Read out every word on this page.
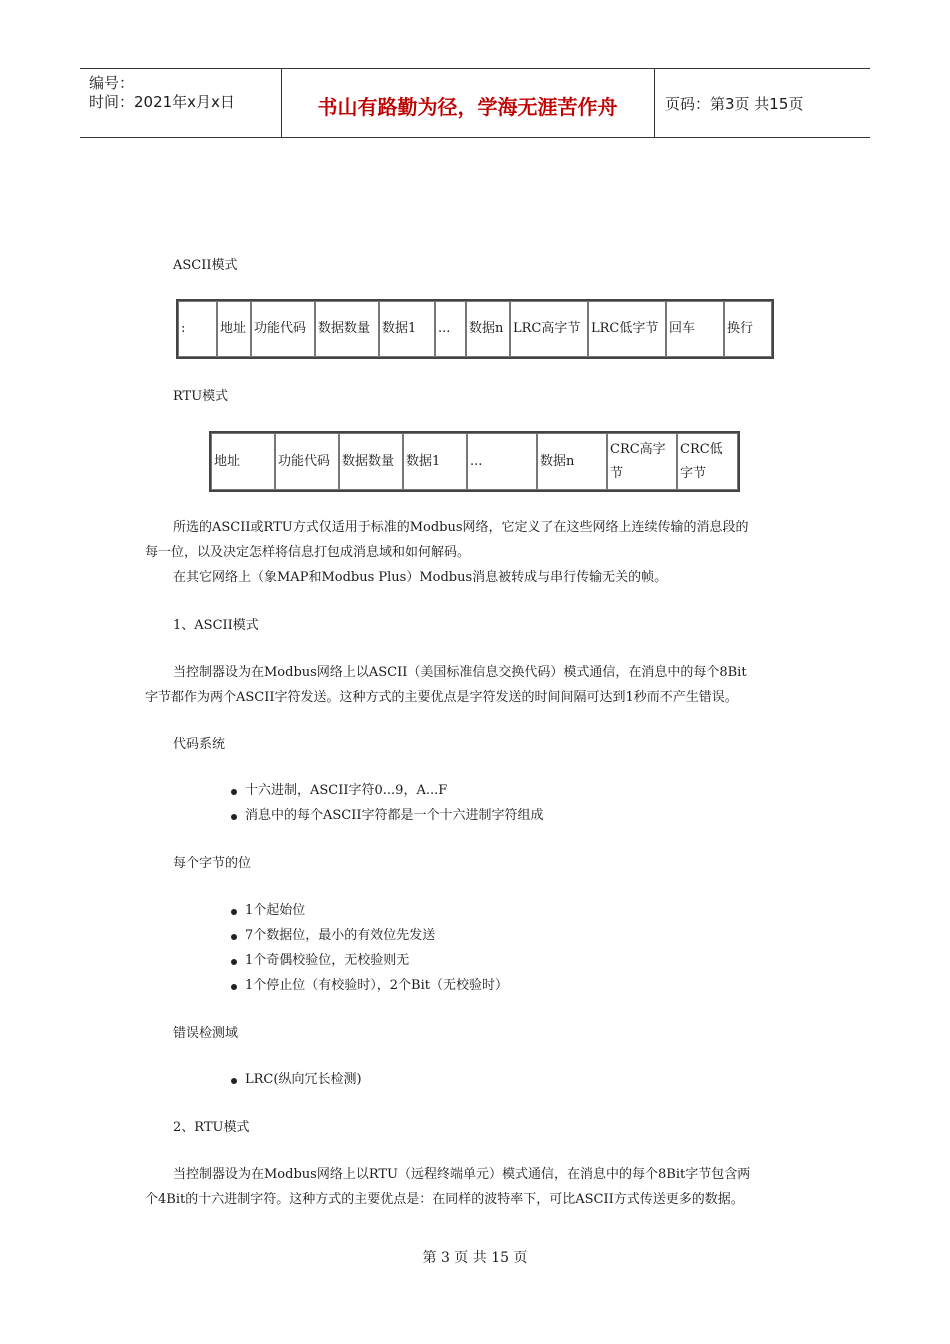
编号：
时间：2021年x月x日	书山有路勤为径，学海无涯苦作舟	页码：第3页 共15页
ASCII模式
:	地址	功能代码	数据数量	数据1	...	数据n	LRC高字节	LRC低字节	回车	换行
RTU模式
地址	功能代码	数据数量	数据1	...	数据n	CRC高字节	CRC低字节
所选的ASCII或RTU方式仅适用于标准的Modbus网络，它定义了在这些网络上连续传输的消息段的
每一位，以及决定怎样将信息打包成消息域和如何解码。
在其它网络上（象MAP和Modbus Plus）Modbus消息被转成与串行传输无关的帧。
1、ASCII模式
当控制器设为在Modbus网络上以ASCII（美国标准信息交换代码）模式通信，在消息中的每个8Bit
字节都作为两个ASCII字符发送。这种方式的主要优点是字符发送的时间间隔可达到1秒而不产生错误。
代码系统
十六进制，ASCII字符0...9，A...F
消息中的每个ASCII字符都是一个十六进制字符组成
每个字节的位
1个起始位
7个数据位，最小的有效位先发送
1个奇偶校验位，无校验则无
1个停止位（有校验时），2个Bit（无校验时）
错误检测域
LRC(纵向冗长检测)
2、RTU模式
当控制器设为在Modbus网络上以RTU（远程终端单元）模式通信，在消息中的每个8Bit字节包含两
个4Bit的十六进制字符。这种方式的主要优点是：在同样的波特率下，可比ASCII方式传送更多的数据。
第 3 页 共 15 页
